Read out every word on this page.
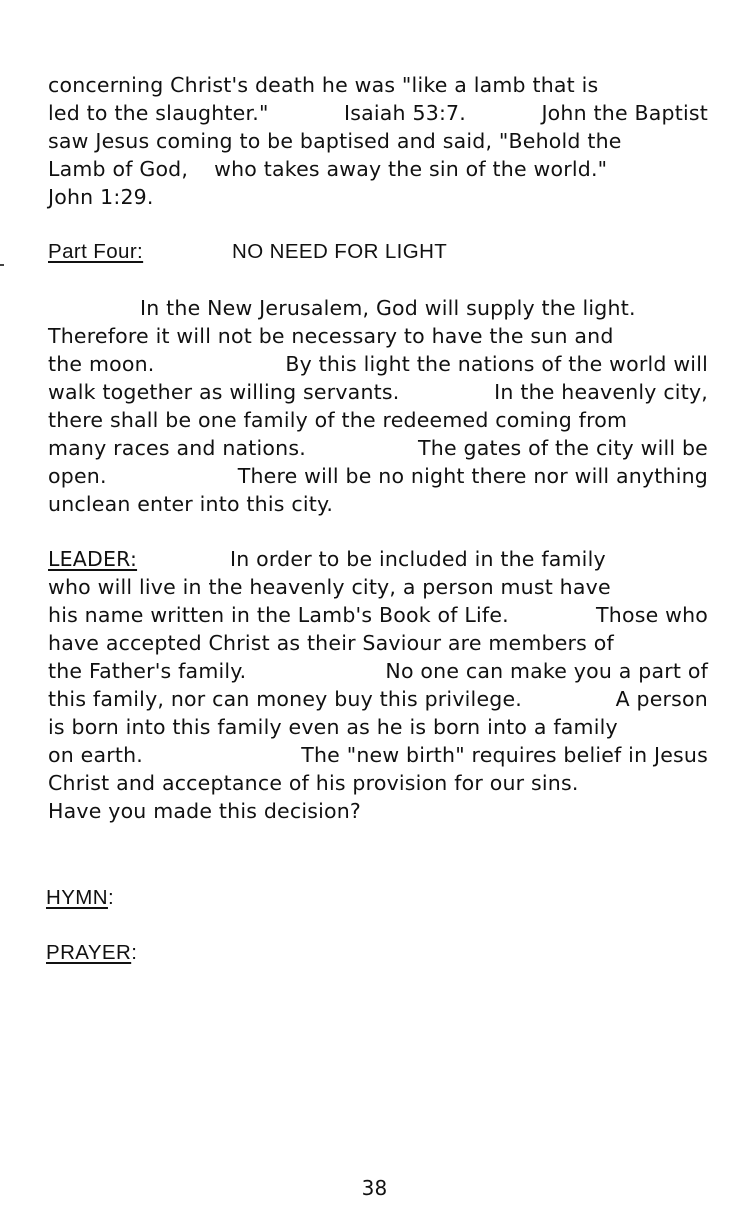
concerning Christ's death he was "like a lamb that is
led to the slaughter."	Isaiah 53:7.	John the Baptist
saw Jesus coming to be baptised and said, "Behold the
Lamb of God, who takes away the sin of the world."
John 1:29.
Part Four:	NO NEED FOR LIGHT
In the New Jerusalem, God will supply the light.
Therefore it will not be necessary to have the sun and
the moon.	By this light the nations of the world will
walk together as willing servants.	In the heavenly city,
there shall be one family of the redeemed coming from
many races and nations.	The gates of the city will be
open.	There will be no night there nor will anything
unclean enter into this city.
LEADER:	In order to be included in the family
who will live in the heavenly city, a person must have
his name written in the Lamb's Book of Life.	Those who
have accepted Christ as their Saviour are members of
the Father's family.	No one can make you a part of
this family, nor can money buy this privilege.	A person
is born into this family even as he is born into a family
on earth.	The "new birth" requires belief in Jesus
Christ and acceptance of his provision for our sins.
Have you made this decision?
HYMN:
PRAYER:
38
